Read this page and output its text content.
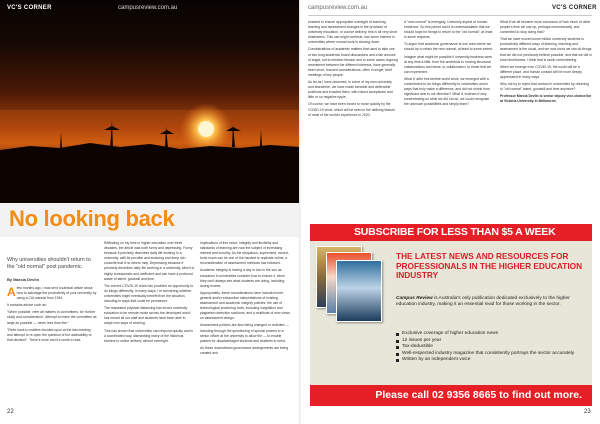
VC'S CORNER	campusreview.com.au
No looking back
Why universities shouldn't return to the "old normal" post pandemic.
By Marcia Devlin

Afew months ago, I was sent a satirical article about how to sabotage the productivity of your university by using a CIA manual from 1944.

It contains advice such as:

"When possible, refer all matters to committees, for 'further study and consideration'. Attempt to make the committee as large as possible — never less than five."

"Refer back to matters decided upon at the last meeting and attempt to re-open the question of the advisability of that decision". There's more and it's worth a read.

Reflecting on my time in higher education over three decades, the article was both funny and depressing. Funny because it precisely describes daily life working in a university, with its peculiar and enduring and deep rich conceits that it no others may. Depressing because it precisely describes daily life working in a university, which is highly bureaucratic and inefficient and can have a profound waste of talent, goodwill and time.

The current COVID-19 crisis has provided an opportunity to do things differently, in many ways. I'm wondering whether universities might eventually benefit from the situation, including in ways that could be permanent.

The mandated physical distancing has forced university education to be remote mode across the developed world has meant all our staff and students have been able to adopt new ways of working.

This has shown that universities can respond quickly and in a coordinated way, dismantling many of the historical barriers to online delivery almost overnight.

Implications of this move: Integrity and flexibility and standards of learning are now the subject of increasing interest and scrutiny. As the ubiquitous, supervised, closed-book exam can be one of the hardest to replicate online, a reconsideration of assessment methods has followed.

Academic integrity is having a day or two in the sun as educators in universities consider how to ensure it, when they can't always see what students are doing, including during exams.

Appropriately, these considerations have included more general and/or exhaustive interpretations of existing assessment and academic integrity policies; the use of technological proctoring tools, including invigilation and plagiarism detection solutions; and a multitude of new views on assessment design.

Assessment policies are also being changed or revisited — including through the questioning of special powers to a senior officer at the university to allow the — to enable passes for disadvantaged students and students in need.

As these downstream governance arrangements are being created and

22
campusreview.com.au	VC'S CORNER

enacted to ensure appropriate oversight of teaching, learning and assessment changes in the provision of university education, or course delivery, this is all very short timeframes. This can might continue, has some interest in universities where normal work is slowing down.

Considerations of academic matters that used to take one or two long academic board discussions and a fair amount of angst, not to mention tension and to some cases ongoing resentment between the different interests, have generally been short, focused considerations, often in single, brief meetings of key people.

As far as I have observed, in some of my own university and elsewhere, we have made sensible and defensible positions and enacted them, with robust acceptance and little or no negative ripple.

Of course, we have been forced to move quickly by the COVID-19 crisis, which will be seen in the defining feature of most of the world's experience in 2020.

A "new normal" is emerging. Unevenly aspect of human existence. So this period and it is understandable that we should hope for things to return to the "old normal", at least in some respects.

To argue that academic governance is one area where we should try to retain the new normal, at least to some extent.

Imagine what might be possible if university business were at any time a little, from the ambitious to moving structural collaborations and ideas, to collaboration, to those that we can experiment.

What if, after this terrible world crisis, we emerged with a commitment to do things differently in universities and in ways that truly make a difference, and did not shrink from significant acts in our direction? What if, instead of only concentrating on what we did not do, we could recognise the unknown possibilities and simply learn?

What if we all became more conscious of how much of other people's time we use up, perhaps unnecessarily, and committed to stop doing that?

That we have moved some million university students to productively different ways of learning, teaching and assessment is the usual, and we now know we can do things that we did not previously believe possible, and that we did in short timeframes, I think that is worth remembering.

When we emerge from COVID-19, the world will be a different place, and human contact will be more deeply appreciated in many ways.

Why not try to reject that contact in universities by returning to "old normal" talent, goodwill and time anymore?

Professor Marcia Devlin is senior deputy vice-chancellor at Victoria University in Melbourne.

SUBSCRIBE FOR LESS THAN $5 A WEEK
THE LATEST NEWS AND RESOURCES FOR PROFESSIONALS IN THE HIGHER EDUCATION INDUSTRY
Campus Review is Australia's only publication dedicated exclusively to the higher education industry, making it an essential read for those working in the sector.
Exclusive coverage of higher education news
12 issues per year
Tax-deductible
Well-respected industry magazine that consistently portrays the sector accurately
Written by an independent voice
Please call 02 9356 8665 to find out more.
23
